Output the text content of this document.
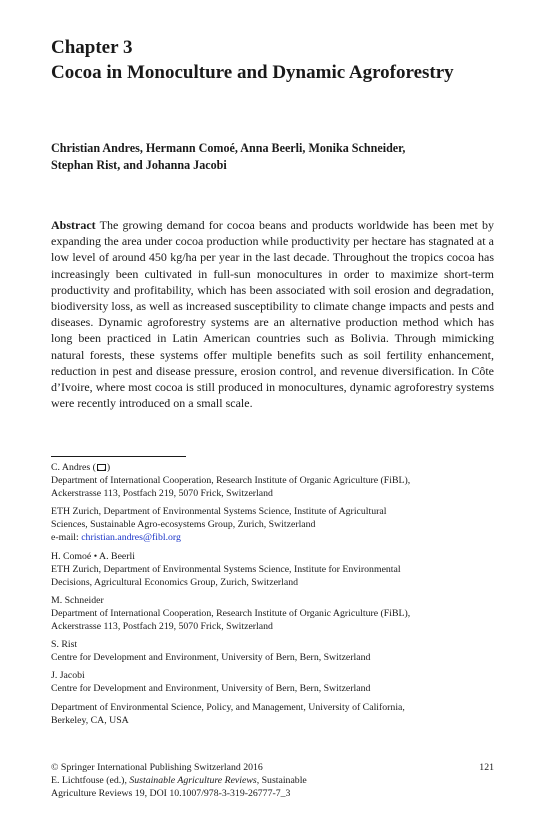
Chapter 3
Cocoa in Monoculture and Dynamic Agroforestry
Christian Andres, Hermann Comoé, Anna Beerli, Monika Schneider,
Stephan Rist, and Johanna Jacobi
Abstract The growing demand for cocoa beans and products worldwide has been met by expanding the area under cocoa production while productivity per hectare has stagnated at a low level of around 450 kg/ha per year in the last decade. Throughout the tropics cocoa has increasingly been cultivated in full-sun monocultures in order to maximize short-term productivity and profitability, which has been associated with soil erosion and degradation, biodiversity loss, as well as increased susceptibility to climate change impacts and pests and diseases. Dynamic agroforestry systems are an alternative production method which has long been practiced in Latin American countries such as Bolivia. Through mimicking natural forests, these systems offer multiple benefits such as soil fertility enhancement, reduction in pest and disease pressure, erosion control, and revenue diversification. In Côte d’Ivoire, where most cocoa is still produced in monocultures, dynamic agroforestry systems were recently introduced on a small scale.
C. Andres ( )
Department of International Cooperation, Research Institute of Organic Agriculture (FiBL),
Ackerstrasse 113, Postfach 219, 5070 Frick, Switzerland
ETH Zurich, Department of Environmental Systems Science, Institute of Agricultural
Sciences, Sustainable Agro-ecosystems Group, Zurich, Switzerland
e-mail: christian.andres@fibl.org
H. Comoé • A. Beerli
ETH Zurich, Department of Environmental Systems Science, Institute for Environmental
Decisions, Agricultural Economics Group, Zurich, Switzerland
M. Schneider
Department of International Cooperation, Research Institute of Organic Agriculture (FiBL),
Ackerstrasse 113, Postfach 219, 5070 Frick, Switzerland
S. Rist
Centre for Development and Environment, University of Bern, Bern, Switzerland
J. Jacobi
Centre for Development and Environment, University of Bern, Bern, Switzerland
Department of Environmental Science, Policy, and Management, University of California,
Berkeley, CA, USA
© Springer International Publishing Switzerland 2016
E. Lichtfouse (ed.), Sustainable Agriculture Reviews, Sustainable
Agriculture Reviews 19, DOI 10.1007/978-3-319-26777-7_3
121
